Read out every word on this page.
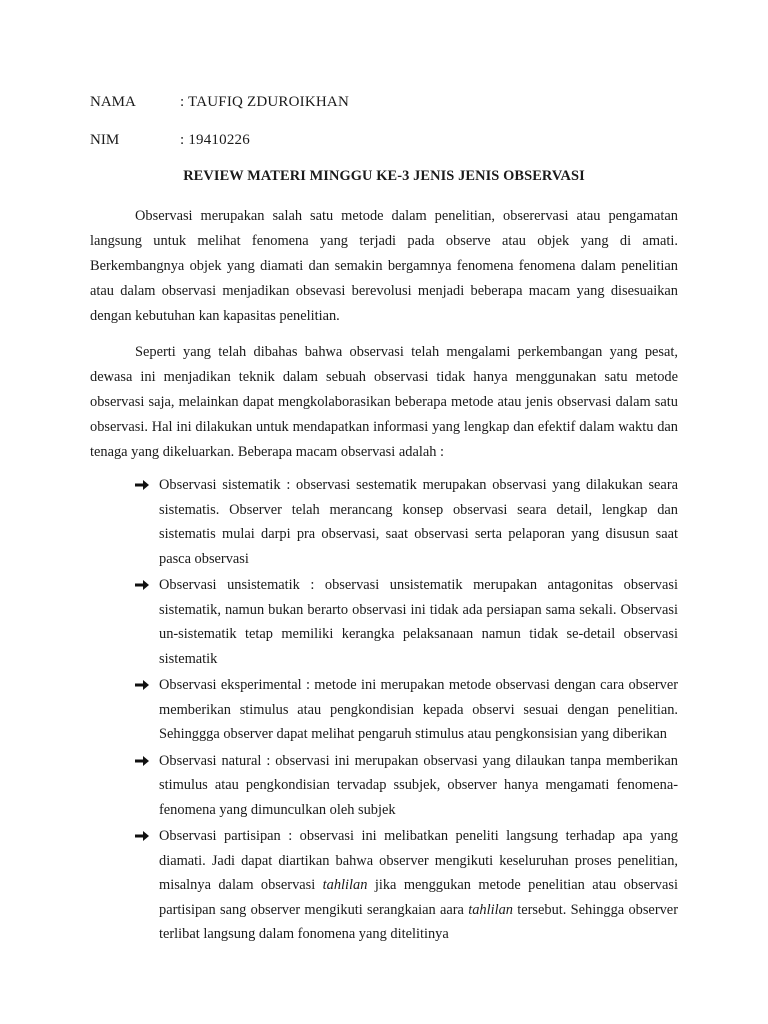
NAMA	: TAUFIQ ZDUROIKHAN
NIM	: 19410226
REVIEW MATERI MINGGU KE-3 JENIS JENIS OBSERVASI

Observasi merupakan salah satu metode dalam penelitian, obserervasi atau pengamatan langsung untuk melihat fenomena yang terjadi pada observe atau objek yang di amati. Berkembangnya objek yang diamati dan semakin bergamnya fenomena fenomena dalam penelitian atau dalam observasi menjadikan obsevasi berevolusi menjadi beberapa macam yang disesuaikan dengan kebutuhan kan kapasitas penelitian.

Seperti yang telah dibahas bahwa observasi telah mengalami perkembangan yang pesat, dewasa ini menjadikan teknik dalam sebuah observasi tidak hanya menggunakan satu metode observasi saja, melainkan dapat mengkolaborasikan beberapa metode atau jenis observasi dalam satu observasi. Hal ini dilakukan untuk mendapatkan informasi yang lengkap dan efektif dalam waktu dan tenaga yang dikeluarkan. Beberapa macam observasi adalah :

Observasi sistematik : observasi sestematik merupakan observasi yang dilakukan seara sistematis. Observer telah merancang konsep observasi seara detail, lengkap dan sistematis mulai darpi pra observasi, saat observasi serta pelaporan yang disusun saat pasca observasi
Observasi unsistematik : observasi unsistematik merupakan antagonitas observasi sistematik, namun bukan berarto observasi ini tidak ada persiapan sama sekali. Observasi un-sistematik tetap memiliki kerangka pelaksanaan namun tidak se-detail observasi sistematik
Observasi eksperimental : metode ini merupakan metode observasi dengan cara observer memberikan stimulus atau pengkondisian kepada observi sesuai dengan penelitian. Sehinggga observer dapat melihat pengaruh stimulus atau pengkonsisian yang diberikan
Observasi natural : observasi ini merupakan observasi yang dilaukan tanpa memberikan stimulus atau pengkondisian tervadap ssubjek, observer hanya mengamati fenomena-fenomena yang dimunculkan oleh subjek
Observasi partisipan : observasi ini melibatkan peneliti langsung terhadap apa yang diamati. Jadi dapat diartikan bahwa observer mengikuti keseluruhan proses penelitian, misalnya dalam observasi tahlilan jika menggukan metode penelitian atau observasi partisipan sang observer mengikuti serangkaian aara tahlilan tersebut. Sehingga observer terlibat langsung dalam fonomena yang ditelitinya
